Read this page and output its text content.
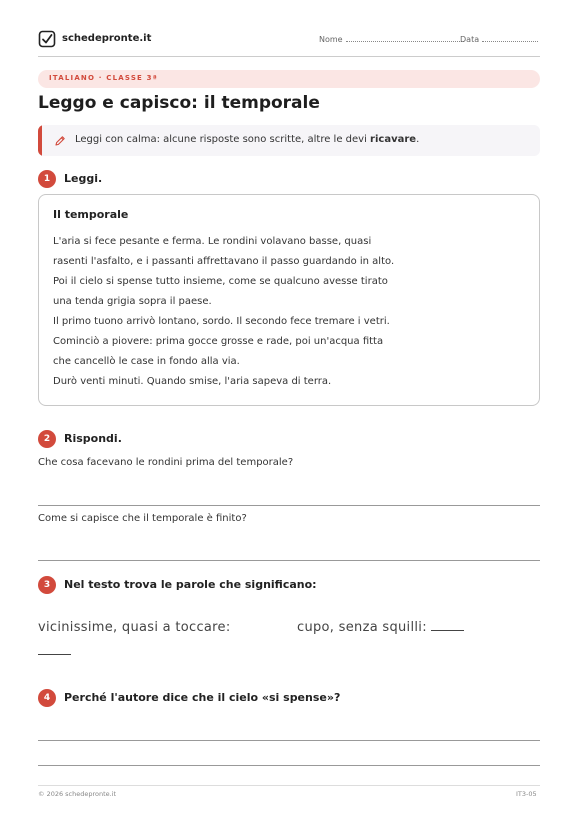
schedepronte.it	Nome	Data
ITALIANO · CLASSE 3ª
Leggo e capisco: il temporale
Leggi con calma: alcune risposte sono scritte, altre le devi ricavare.
1	Leggi.
Il temporale
L'aria si fece pesante e ferma. Le rondini volavano basse, quasi
rasenti l'asfalto, e i passanti affrettavano il passo guardando in alto.
Poi il cielo si spense tutto insieme, come se qualcuno avesse tirato
una tenda grigia sopra il paese.
Il primo tuono arrivò lontano, sordo. Il secondo fece tremare i vetri.
Cominciò a piovere: prima gocce grosse e rade, poi un'acqua fitta
che cancellò le case in fondo alla via.
Durò venti minuti. Quando smise, l'aria sapeva di terra.
2	Rispondi.
Che cosa facevano le rondini prima del temporale?
Come si capisce che il temporale è finito?
3	Nel testo trova le parole che significano:
vicinissime, quasi a toccare:	cupo, senza squilli:
4	Perché l'autore dice che il cielo «si spense»?
© 2026 schedepronte.it	IT3-05
